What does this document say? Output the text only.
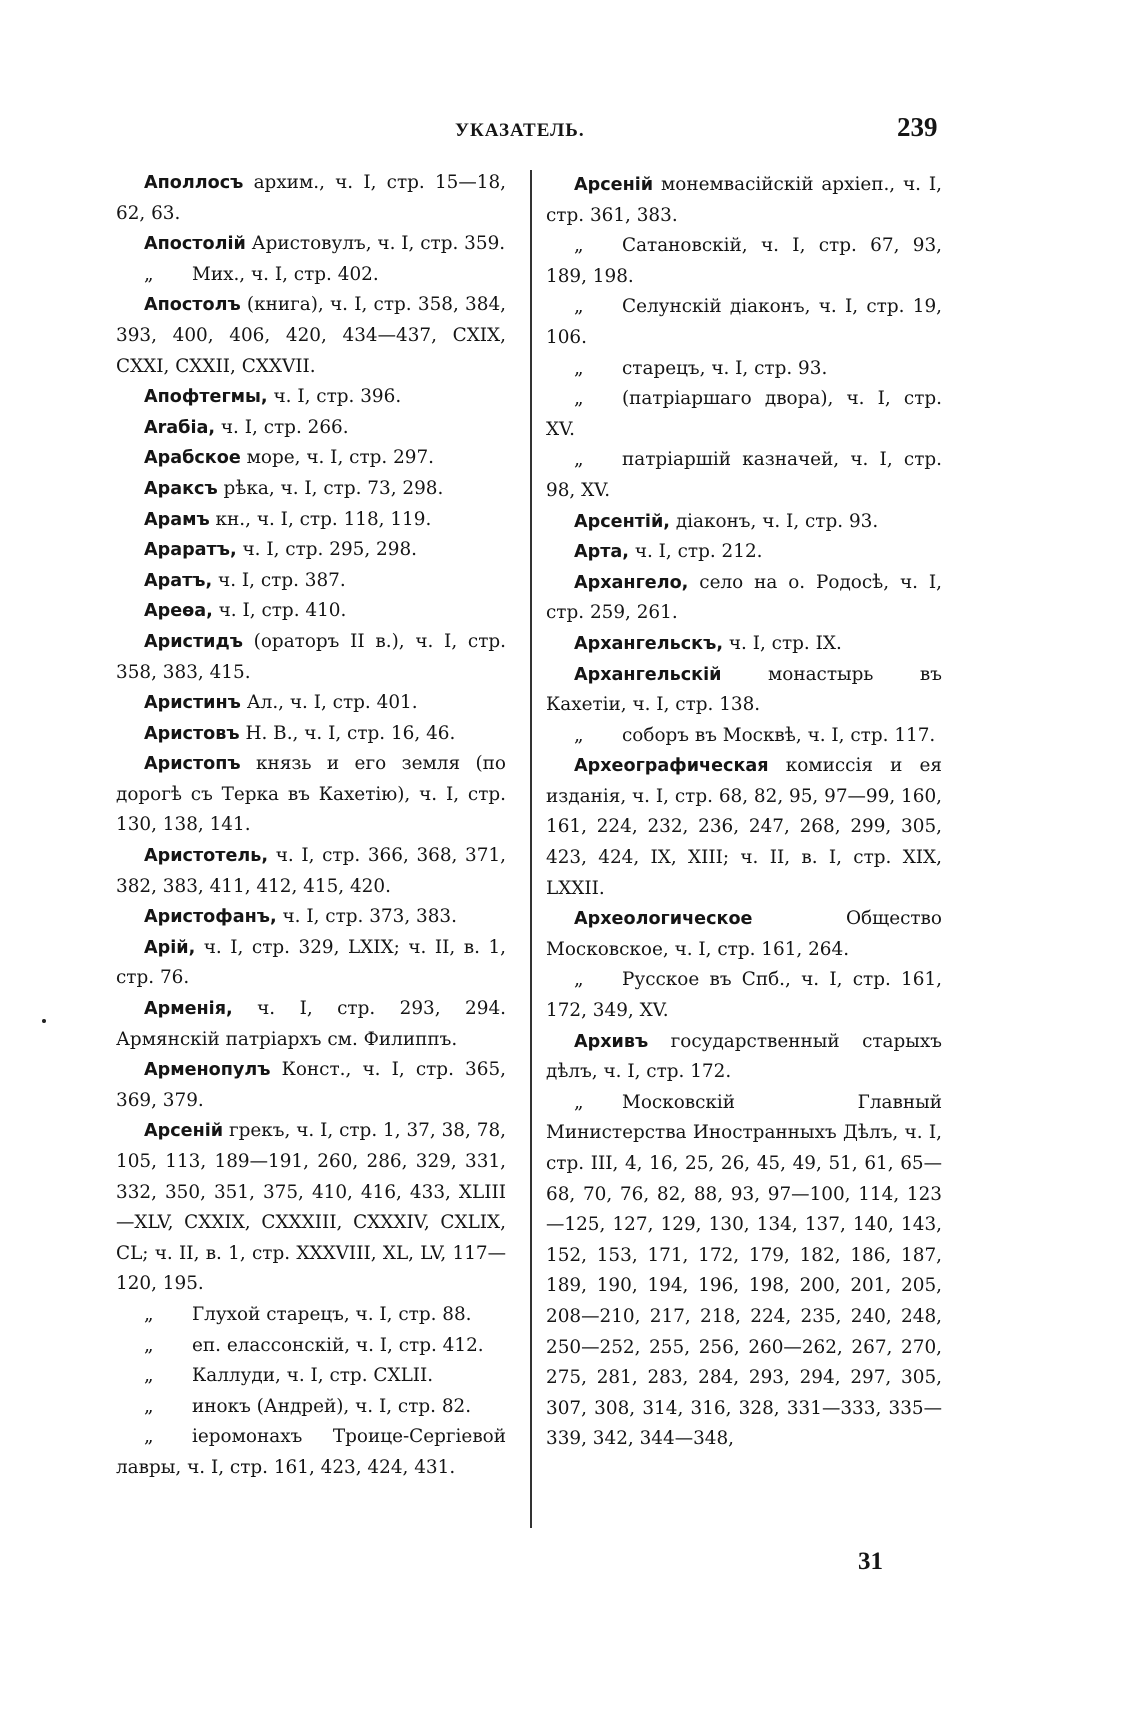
УКАЗАТЕЛЬ.	239

Аполлосъ архим., ч. І, стр. 15—18, 62, 63.

Апостолій Аристовулъ, ч. І, стр. 359.

„ Мих., ч. І, стр. 402.

Апостолъ (книга), ч. І, стр. 358, 384, 393, 400, 406, 420, 434—437, CXIX, CXXI, CXXII, CXXVII.

Апофтегмы, ч. І, стр. 396.

Araбia, ч. І, стр. 266.

Арабское море, ч. І, стр. 297.

Араксъ рѣка, ч. І, стр. 73, 298.

Арамъ кн., ч. І, стр. 118, 119.

Араратъ, ч. І, стр. 295, 298.

Аратъ, ч. І, стр. 387.

Ареѳа, ч. І, стр. 410.

Аристидъ (ораторъ II в.), ч. І, стр. 358, 383, 415.

Аристинъ Ал., ч. І, стр. 401.

Аристовъ Н. В., ч. І, стр. 16, 46.

Аристопъ князь и его земля (по дорогѣ съ Терка въ Кахетію), ч. І, стр. 130, 138, 141.

Аристотель, ч. І, стр. 366, 368, 371, 382, 383, 411, 412, 415, 420.

Аристофанъ, ч. І, стр. 373, 383.

Арій, ч. І, стр. 329, LXIX; ч. II, в. 1, стр. 76.

Арменія, ч. І, стр. 293, 294. Армянскій патріархъ см. Филиппъ.

Арменопулъ Конст., ч. І, стр. 365, 369, 379.

Арсеній грекъ, ч. І, стр. 1, 37, 38, 78, 105, 113, 189—191, 260, 286, 329, 331, 332, 350, 351, 375, 410, 416, 433, XLIII—XLV, CXXIX, CXXXIII, CXXXIV, CXLIX, CL; ч. II, в. 1, стр. XXXVIII, XL, LV, 117—120, 195.

„ Глухой старецъ, ч. І, стр. 88.

„ еп. елассонскій, ч. І, стр. 412.

„ Каллуди, ч. І, стр. CXLII.

„ инокъ (Андрей), ч. І, стр. 82.

„ іеромонахъ Троице-Сергіевой лавры, ч. І, стр. 161, 423, 424, 431.

Арсеній монемвасійскій архіеп., ч. І, стр. 361, 383.

„ Сатановскій, ч. І, стр. 67, 93, 189, 198.

„ Селунскій діаконъ, ч. І, стр. 19, 106.

„ старецъ, ч. І, стр. 93.

„ (патріаршаго двора), ч. І, стр. XV.

„ патріаршій казначей, ч. І, стр. 98, XV.

Арсентій, діаконъ, ч. І, стр. 93.

Арта, ч. І, стр. 212.

Архангело, село на о. Родосѣ, ч. І, стр. 259, 261.

Архангельскъ, ч. І, стр. IX.

Архангельскій монастырь въ Кахетіи, ч. І, стр. 138.

„ соборъ въ Москвѣ, ч. І, стр. 117.

Археографическая комиссія и ея изданія, ч. І, стр. 68, 82, 95, 97—99, 160, 161, 224, 232, 236, 247, 268, 299, 305, 423, 424, IX, XIII; ч. II, в. І, стр. XIX, LXXII.

Археологическое Общество Московское, ч. І, стр. 161, 264.

„ Русское въ Спб., ч. І, стр. 161, 172, 349, XV.

Архивъ государственный старыхъ дѣлъ, ч. І, стр. 172.

„ Московскій Главный Министерства Иностранныхъ Дѣлъ, ч. І, стр. III, 4, 16, 25, 26, 45, 49, 51, 61, 65—68, 70, 76, 82, 88, 93, 97—100, 114, 123—125, 127, 129, 130, 134, 137, 140, 143, 152, 153, 171, 172, 179, 182, 186, 187, 189, 190, 194, 196, 198, 200, 201, 205, 208—210, 217, 218, 224, 235, 240, 248, 250—252, 255, 256, 260—262, 267, 270, 275, 281, 283, 284, 293, 294, 297, 305, 307, 308, 314, 316, 328, 331—333, 335—339, 342, 344—348,

31
